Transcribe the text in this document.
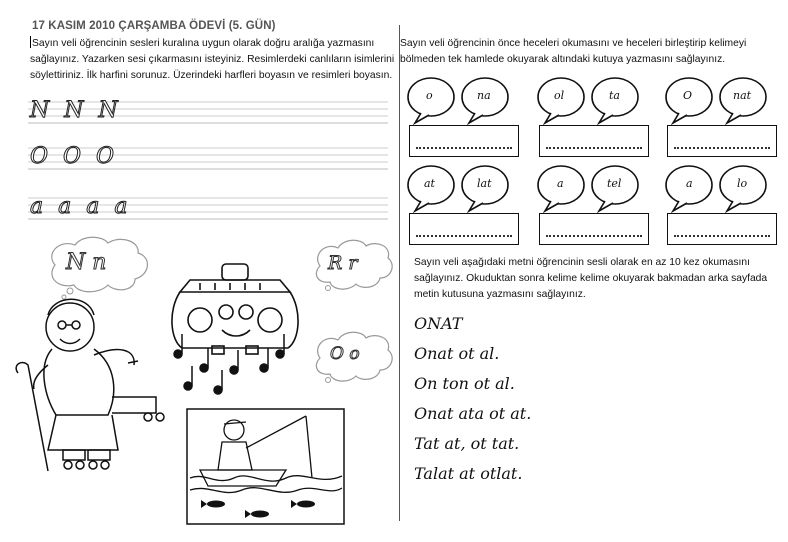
17 KASIM 2010 ÇARŞAMBA ÖDEVİ (5. GÜN)
Sayın veli öğrencinin sesleri kuralına uygun olarak doğru aralığa yazmasını sağlayınız. Yazarken sesi çıkarmasını isteyiniz. Resimlerdeki canlıların isimlerini söylettiriniz. İlk harfini sorunuz. Üzerindeki harfleri boyasın ve resimleri boyasın.
N N N
O O O
a a a a
N n	R r
O o
Sayın veli öğrencinin önce heceleri okumasını ve heceleri birleştirip kelimeyi bölmeden tek hamlede okuyarak altındaki kutuya yazmasını sağlayınız.
o	na	ol	ta	O	nat
at	lat	a	tel	a	lo
Sayın veli aşağıdaki metni öğrencinin sesli olarak en az 10 kez okumasını sağlayınız. Okuduktan sonra kelime kelime okuyarak bakmadan arka sayfada metin kutusuna yazmasını sağlayınız.
ONAT
Onat ot al.
On ton ot al.
Onat ata ot at.
Tat at, ot tat.
Talat at otlat.
